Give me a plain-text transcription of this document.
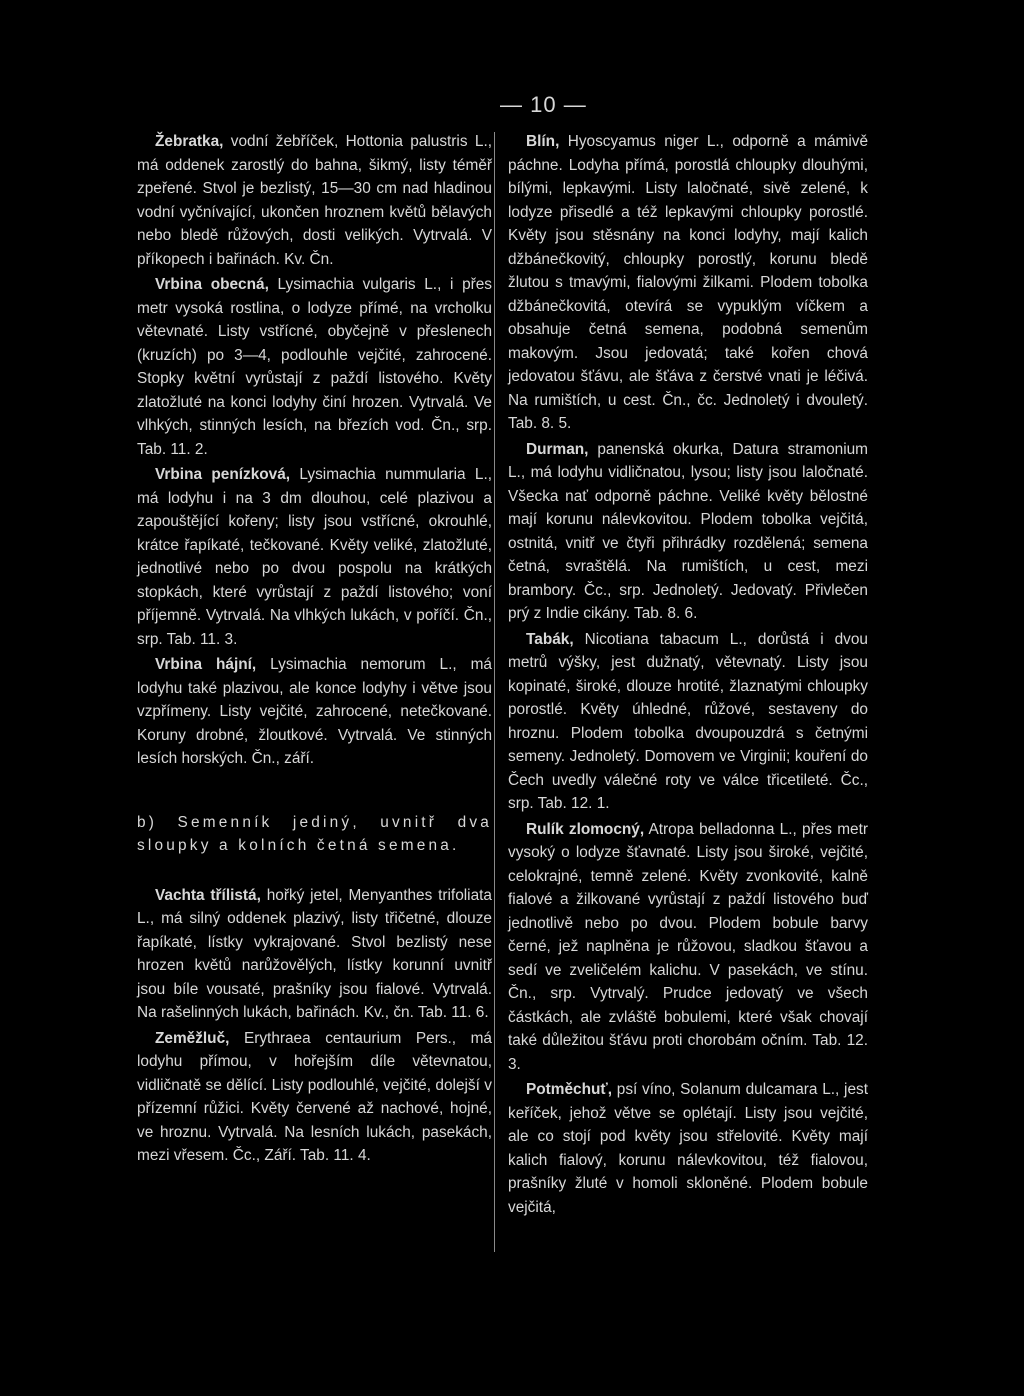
— 10 —

Žebratka, vodní žebříček, Hottonia palustris L., má oddenek zarostlý do bahna, šikmý, listy téměř zpeřené. Stvol je bezlistý, 15—30 cm nad hladinou vodní vyčnívající, ukončen hroznem květů bělavých nebo bledě růžových, dosti velikých. Vytrvalá. V příkopech i bařinách. Kv. Čn.

Vrbina obecná, Lysimachia vulgaris L., i přes metr vysoká rostlina, o lodyze přímé, na vrcholku větevnaté. Listy vstřícné, obyčejně v přeslenech (kruzích) po 3—4, podlouhle vejčité, zahrocené. Stopky květní vyrůstají z paždí listového. Květy zlatožluté na konci lodyhy činí hrozen. Vytrvalá. Ve vlhkých, stinných lesích, na březích vod. Čn., srp. Tab. 11. 2.

Vrbina penízková, Lysimachia nummularia L., má lodyhu i na 3 dm dlouhou, celé plazivou a zapouštějící kořeny; listy jsou vstřícné, okrouhlé, krátce řapíkaté, tečkované. Květy veliké, zlatožluté, jednotlivé nebo po dvou pospolu na krátkých stopkách, které vyrůstají z paždí listového; voní příjemně. Vytrvalá. Na vlhkých lukách, v poříčí. Čn., srp. Tab. 11. 3.

Vrbina hájní, Lysimachia nemorum L., má lodyhu také plazivou, ale konce lodyhy i větve jsou vzpřímeny. Listy vejčité, zahrocené, netečkované. Koruny drobné, žloutkové. Vytrvalá. Ve stinných lesích horských. Čn., září.

b) Semenník jediný, uvnitř dva sloupky a kolních četná semena.

Vachta třílistá, hořký jetel, Menyanthes trifoliata L., má silný oddenek plazivý, listy třičetné, dlouze řapíkaté, lístky vykrajované. Stvol bezlistý nese hrozen květů narůžovělých, lístky korunní uvnitř jsou bíle vousaté, prašníky jsou fialové. Vytrvalá. Na rašelinných lukách, bařinách. Kv., čn. Tab. 11. 6.

Zeměžluč, Erythraea centaurium Pers., má lodyhu přímou, v hořejším díle větevnatou, vidličnatě se dělící. Listy podlouhlé, vejčité, dolejší v přízemní růžici. Květy červené až nachové, hojné, ve hroznu. Vytrvalá. Na lesních lukách, pasekách, mezi vřesem. Čc., Září. Tab. 11. 4.

Blín, Hyoscyamus niger L., odporně a mámivě páchne. Lodyha přímá, porostlá chloupky dlouhými, bílými, lepkavými. Listy laločnaté, sivě zelené, k lodyze přisedlé a též lepkavými chloupky porostlé. Květy jsou stěsnány na konci lodyhy, mají kalich džbánečkovitý, chloupky porostlý, korunu bledě žlutou s tmavými, fialovými žilkami. Plodem tobolka džbánečkovitá, otevírá se vypuklým víčkem a obsahuje četná semena, podobná semenům makovým. Jsou jedovatá; také kořen chová jedovatou šťávu, ale šťáva z čerstvé vnati je léčivá. Na rumištích, u cest. Čn., čc. Jednoletý i dvouletý. Tab. 8. 5.

Durman, panenská okurka, Datura stramonium L., má lodyhu vidličnatou, lysou; listy jsou laločnaté. Všecka nať odporně páchne. Veliké květy bělostné mají korunu nálevkovitou. Plodem tobolka vejčitá, ostnitá, vnitř ve čtyři přihrádky rozdělená; semena četná, svraštělá. Na rumištích, u cest, mezi brambory. Čc., srp. Jednoletý. Jedovatý. Přivlečen prý z Indie cikány. Tab. 8. 6.

Tabák, Nicotiana tabacum L., dorůstá i dvou metrů výšky, jest dužnatý, větevnatý. Listy jsou kopinaté, široké, dlouze hrotité, žlaznatými chloupky porostlé. Květy úhledné, růžové, sestaveny do hroznu. Plodem tobolka dvoupouzdrá s četnými semeny. Jednoletý. Domovem ve Virginii; kouření do Čech uvedly válečné roty ve válce třicetileté. Čc., srp. Tab. 12. 1.

Rulík zlomocný, Atropa belladonna L., přes metr vysoký o lodyze šťavnaté. Listy jsou široké, vejčité, celokrajné, temně zelené. Květy zvonkovité, kalně fialové a žilkované vyrůstají z paždí listového buď jednotlivě nebo po dvou. Plodem bobule barvy černé, jež naplněna je růžovou, sladkou šťavou a sedí ve zveličelém kalichu. V pasekách, ve stínu. Čn., srp. Vytrvalý. Prudce jedovatý ve všech částkách, ale zvláště bobulemi, které však chovají také důležitou šťávu proti chorobám očním. Tab. 12. 3.

Potměchuť, psí víno, Solanum dulcamara L., jest keříček, jehož větve se oplétají. Listy jsou vejčité, ale co stojí pod květy jsou střelovité. Květy mají kalich fialový, korunu nálevkovitou, též fialovou, prašníky žluté v homoli skloněné. Plodem bobule vejčitá,
